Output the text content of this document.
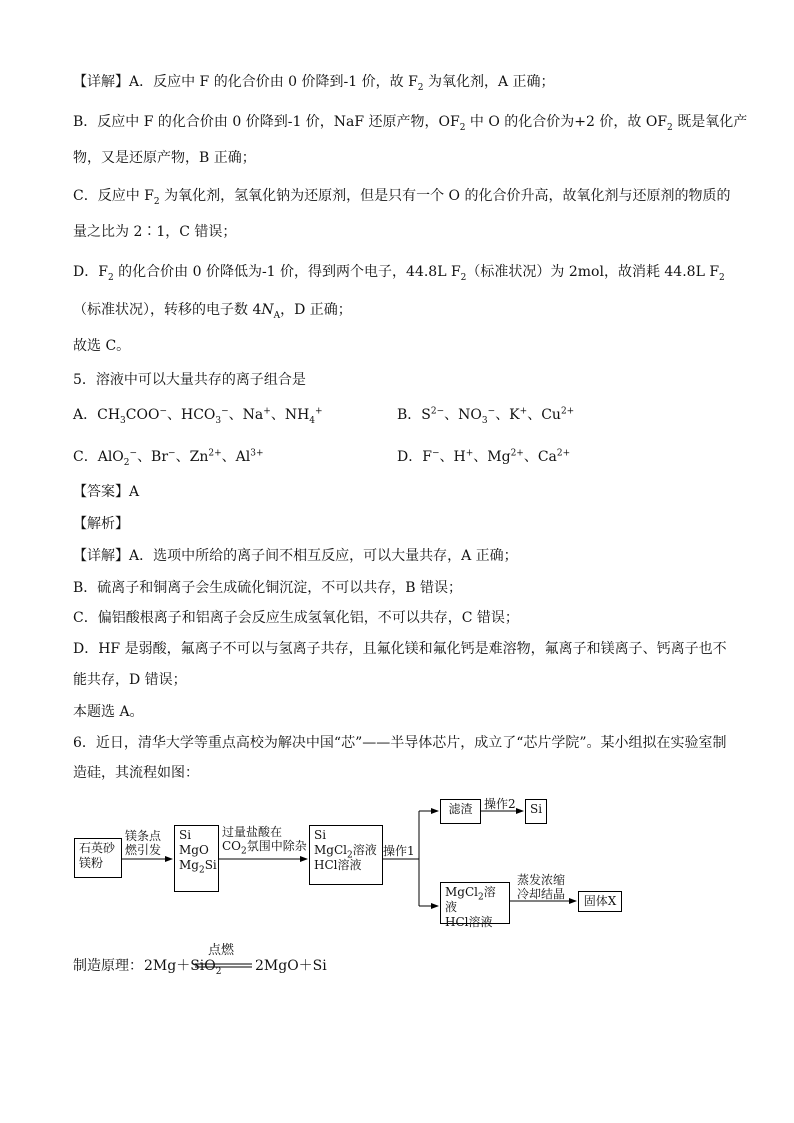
【详解】A．反应中 F 的化合价由 0 价降到-1 价，故 $F_2$ 为氧化剂，A 正确；
B．反应中 F 的化合价由 0 价降到-1 价，NaF 还原产物，$OF_2$ 中 O 的化合价为+2 价，故 $OF_2$ 既是氧化产
物，又是还原产物，B 正确；
C．反应中 $F_2$ 为氧化剂，氢氧化钠为还原剂，但是只有一个 O 的化合价升高，故氧化剂与还原剂的物质的
量之比为 2∶1，C 错误；
D．$F_2$ 的化合价由 0 价降低为-1 价，得到两个电子，44.8L $F_2$（标准状况）为 2mol，故消耗 44.8L $F_2$
（标准状况），转移的电子数 $4N_A$，D 正确；
故选 C。
5．溶液中可以大量共存的离子组合是
A．$CH_3COO^-$、$HCO_3^-$、Na+、$NH_4^+$	B．$S^{2-}$、$NO_3^-$、K+、$Cu^{2+}$
C．AlO$_2$−、Br−、$Zn^{2+}$、$Al^{3+}$	D．F−、H+、$Mg^{2+}$、$Ca^{2+}$
【答案】A
【解析】
【详解】A．选项中所给的离子间不相互反应，可以大量共存，A 正确；
B．硫离子和铜离子会生成硫化铜沉淀，不可以共存，B 错误；
C．偏铝酸根离子和铝离子会反应生成氢氧化铝，不可以共存，C 错误；
D．HF 是弱酸，氟离子不可以与氢离子共存，且氟化镁和氟化钙是难溶物，氟离子和镁离子、钙离子也不
能共存，D 错误；
本题选 A。
6．近日，清华大学等重点高校为解决中国“芯”——半导体芯片，成立了“芯片学院”。某小组拟在实验室制
造硅，其流程如图：
石英砂
镁粉
镁条点
燃引发
Si
MgO
$Mg_2Si$
过量盐酸在
$CO_2$氛围中除杂
Si
MgCl$_2$溶液
HCl溶液
操作1
滤渣 操作2	Si
MgCl$_2$溶液
HCl溶液
蒸发浓缩
冷却结晶	固体X
制造原理： 2Mg＋SiO$_2$
点燃
2MgO＋Si
